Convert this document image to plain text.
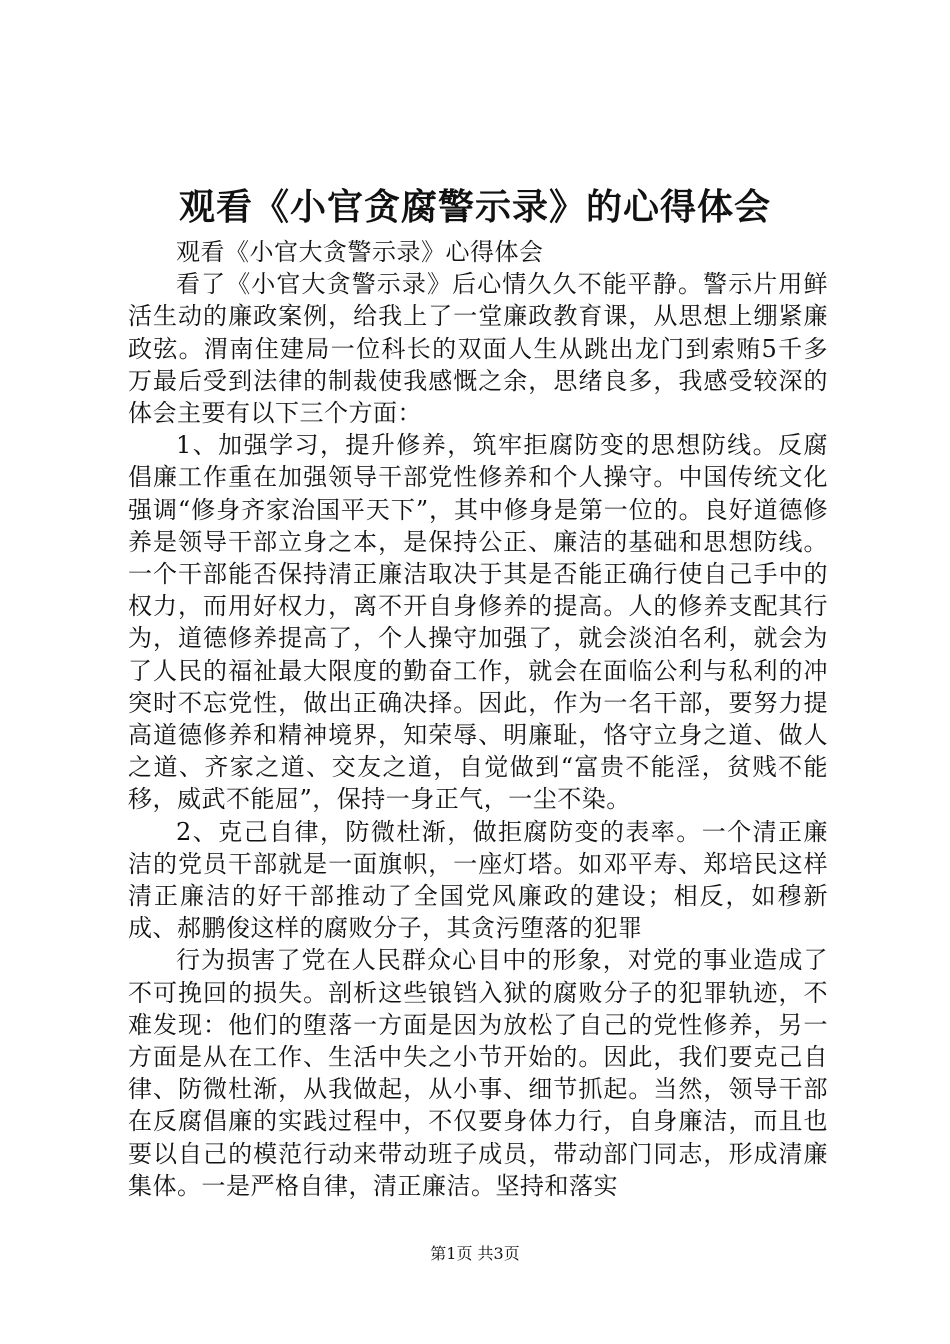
观看《小官贪腐警示录》的心得体会

观看《小官大贪警示录》心得体会

看了《小官大贪警示录》后心情久久不能平静。警示片用鲜活生动的廉政案例，给我上了一堂廉政教育课，从思想上绷紧廉政弦。渭南住建局一位科长的双面人生从跳出龙门到索贿5千多万最后受到法律的制裁使我感慨之余，思绪良多，我感受较深的体会主要有以下三个方面：

1、加强学习，提升修养，筑牢拒腐防变的思想防线。反腐倡廉工作重在加强领导干部党性修养和个人操守。中国传统文化强调“修身齐家治国平天下”，其中修身是第一位的。良好道德修养是领导干部立身之本，是保持公正、廉洁的基础和思想防线。一个干部能否保持清正廉洁取决于其是否能正确行使自己手中的权力，而用好权力，离不开自身修养的提高。人的修养支配其行为，道德修养提高了，个人操守加强了，就会淡泊名利，就会为了人民的福祉最大限度的勤奋工作，就会在面临公利与私利的冲突时不忘党性，做出正确决择。因此，作为一名干部，要努力提高道德修养和精神境界，知荣辱、明廉耻，恪守立身之道、做人之道、齐家之道、交友之道，自觉做到“富贵不能淫，贫贱不能移，威武不能屈”，保持一身正气，一尘不染。

2、克己自律，防微杜渐，做拒腐防变的表率。一个清正廉洁的党员干部就是一面旗帜，一座灯塔。如邓平寿、郑培民这样清正廉洁的好干部推动了全国党风廉政的建设；相反，如穆新成、郝鹏俊这样的腐败分子，其贪污堕落的犯罪

行为损害了党在人民群众心目中的形象，对党的事业造成了不可挽回的损失。剖析这些锒铛入狱的腐败分子的犯罪轨迹，不难发现：他们的堕落一方面是因为放松了自己的党性修养，另一方面是从在工作、生活中失之小节开始的。因此，我们要克己自律、防微杜渐，从我做起，从小事、细节抓起。当然，领导干部在反腐倡廉的实践过程中，不仅要身体力行，自身廉洁，而且也要以自己的模范行动来带动班子成员，带动部门同志，形成清廉集体。一是严格自律，清正廉洁。坚持和落实

第1页 共3页
